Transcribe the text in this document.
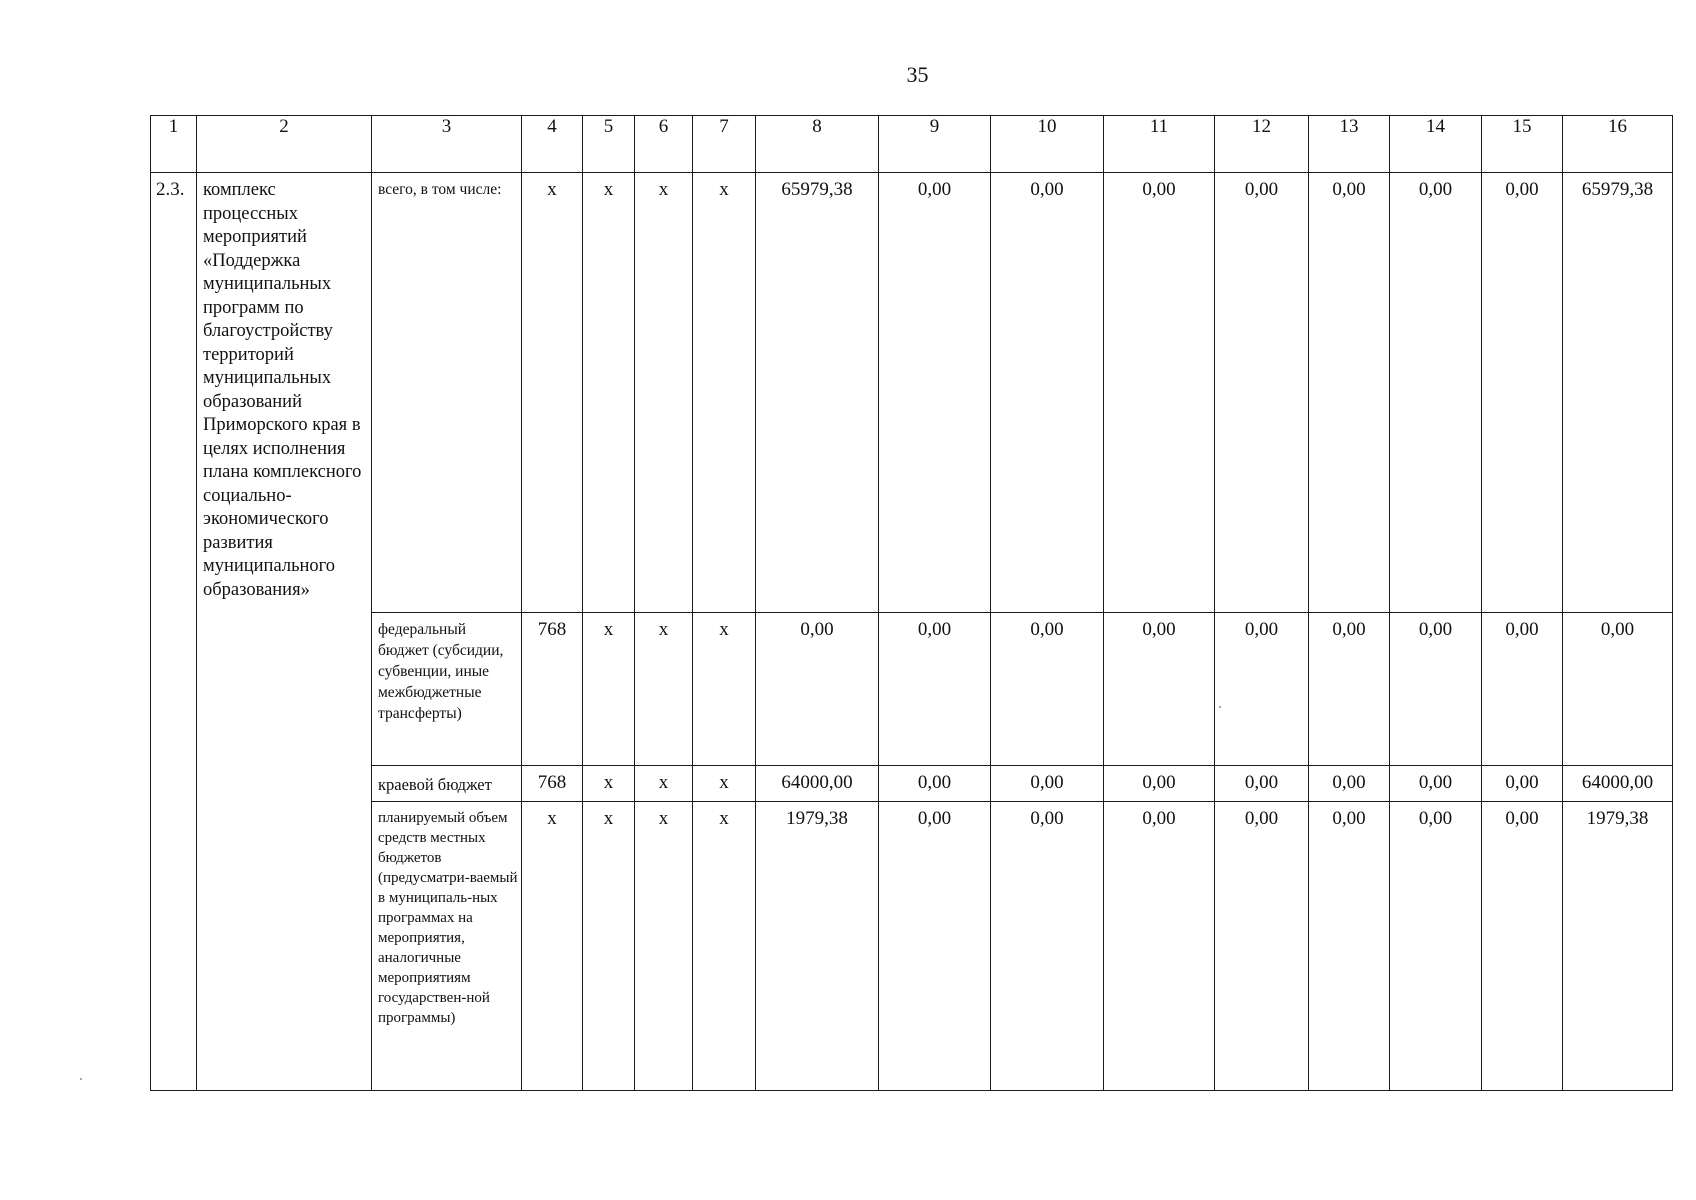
35
1	2	3	4	5	6	7	8	9	10	11	12	13	14	15	16
2.3.	комплекс процессных мероприятий «Поддержка муниципальных программ по благоустройству территорий муниципальных образований Приморского края в целях исполнения плана комплексного социально-экономического развития муниципального образования»	всего, в том числе:	x	x	x	x	65979,38	0,00	0,00	0,00	0,00	0,00	0,00	0,00	65979,38
		федеральный бюджет (субсидии, субвенции, иные межбюджетные трансферты)	768	x	x	x	0,00	0,00	0,00	0,00	0,00	0,00	0,00	0,00	0,00
		краевой бюджет	768	x	x	x	64000,00	0,00	0,00	0,00	0,00	0,00	0,00	0,00	64000,00
		планируемый объем средств местных бюджетов (предусматри-ваемый в муниципаль-ных программах на мероприятия, аналогичные мероприятиям государствен-ной программы)	x	x	x	x	1979,38	0,00	0,00	0,00	0,00	0,00	0,00	0,00	1979,38
